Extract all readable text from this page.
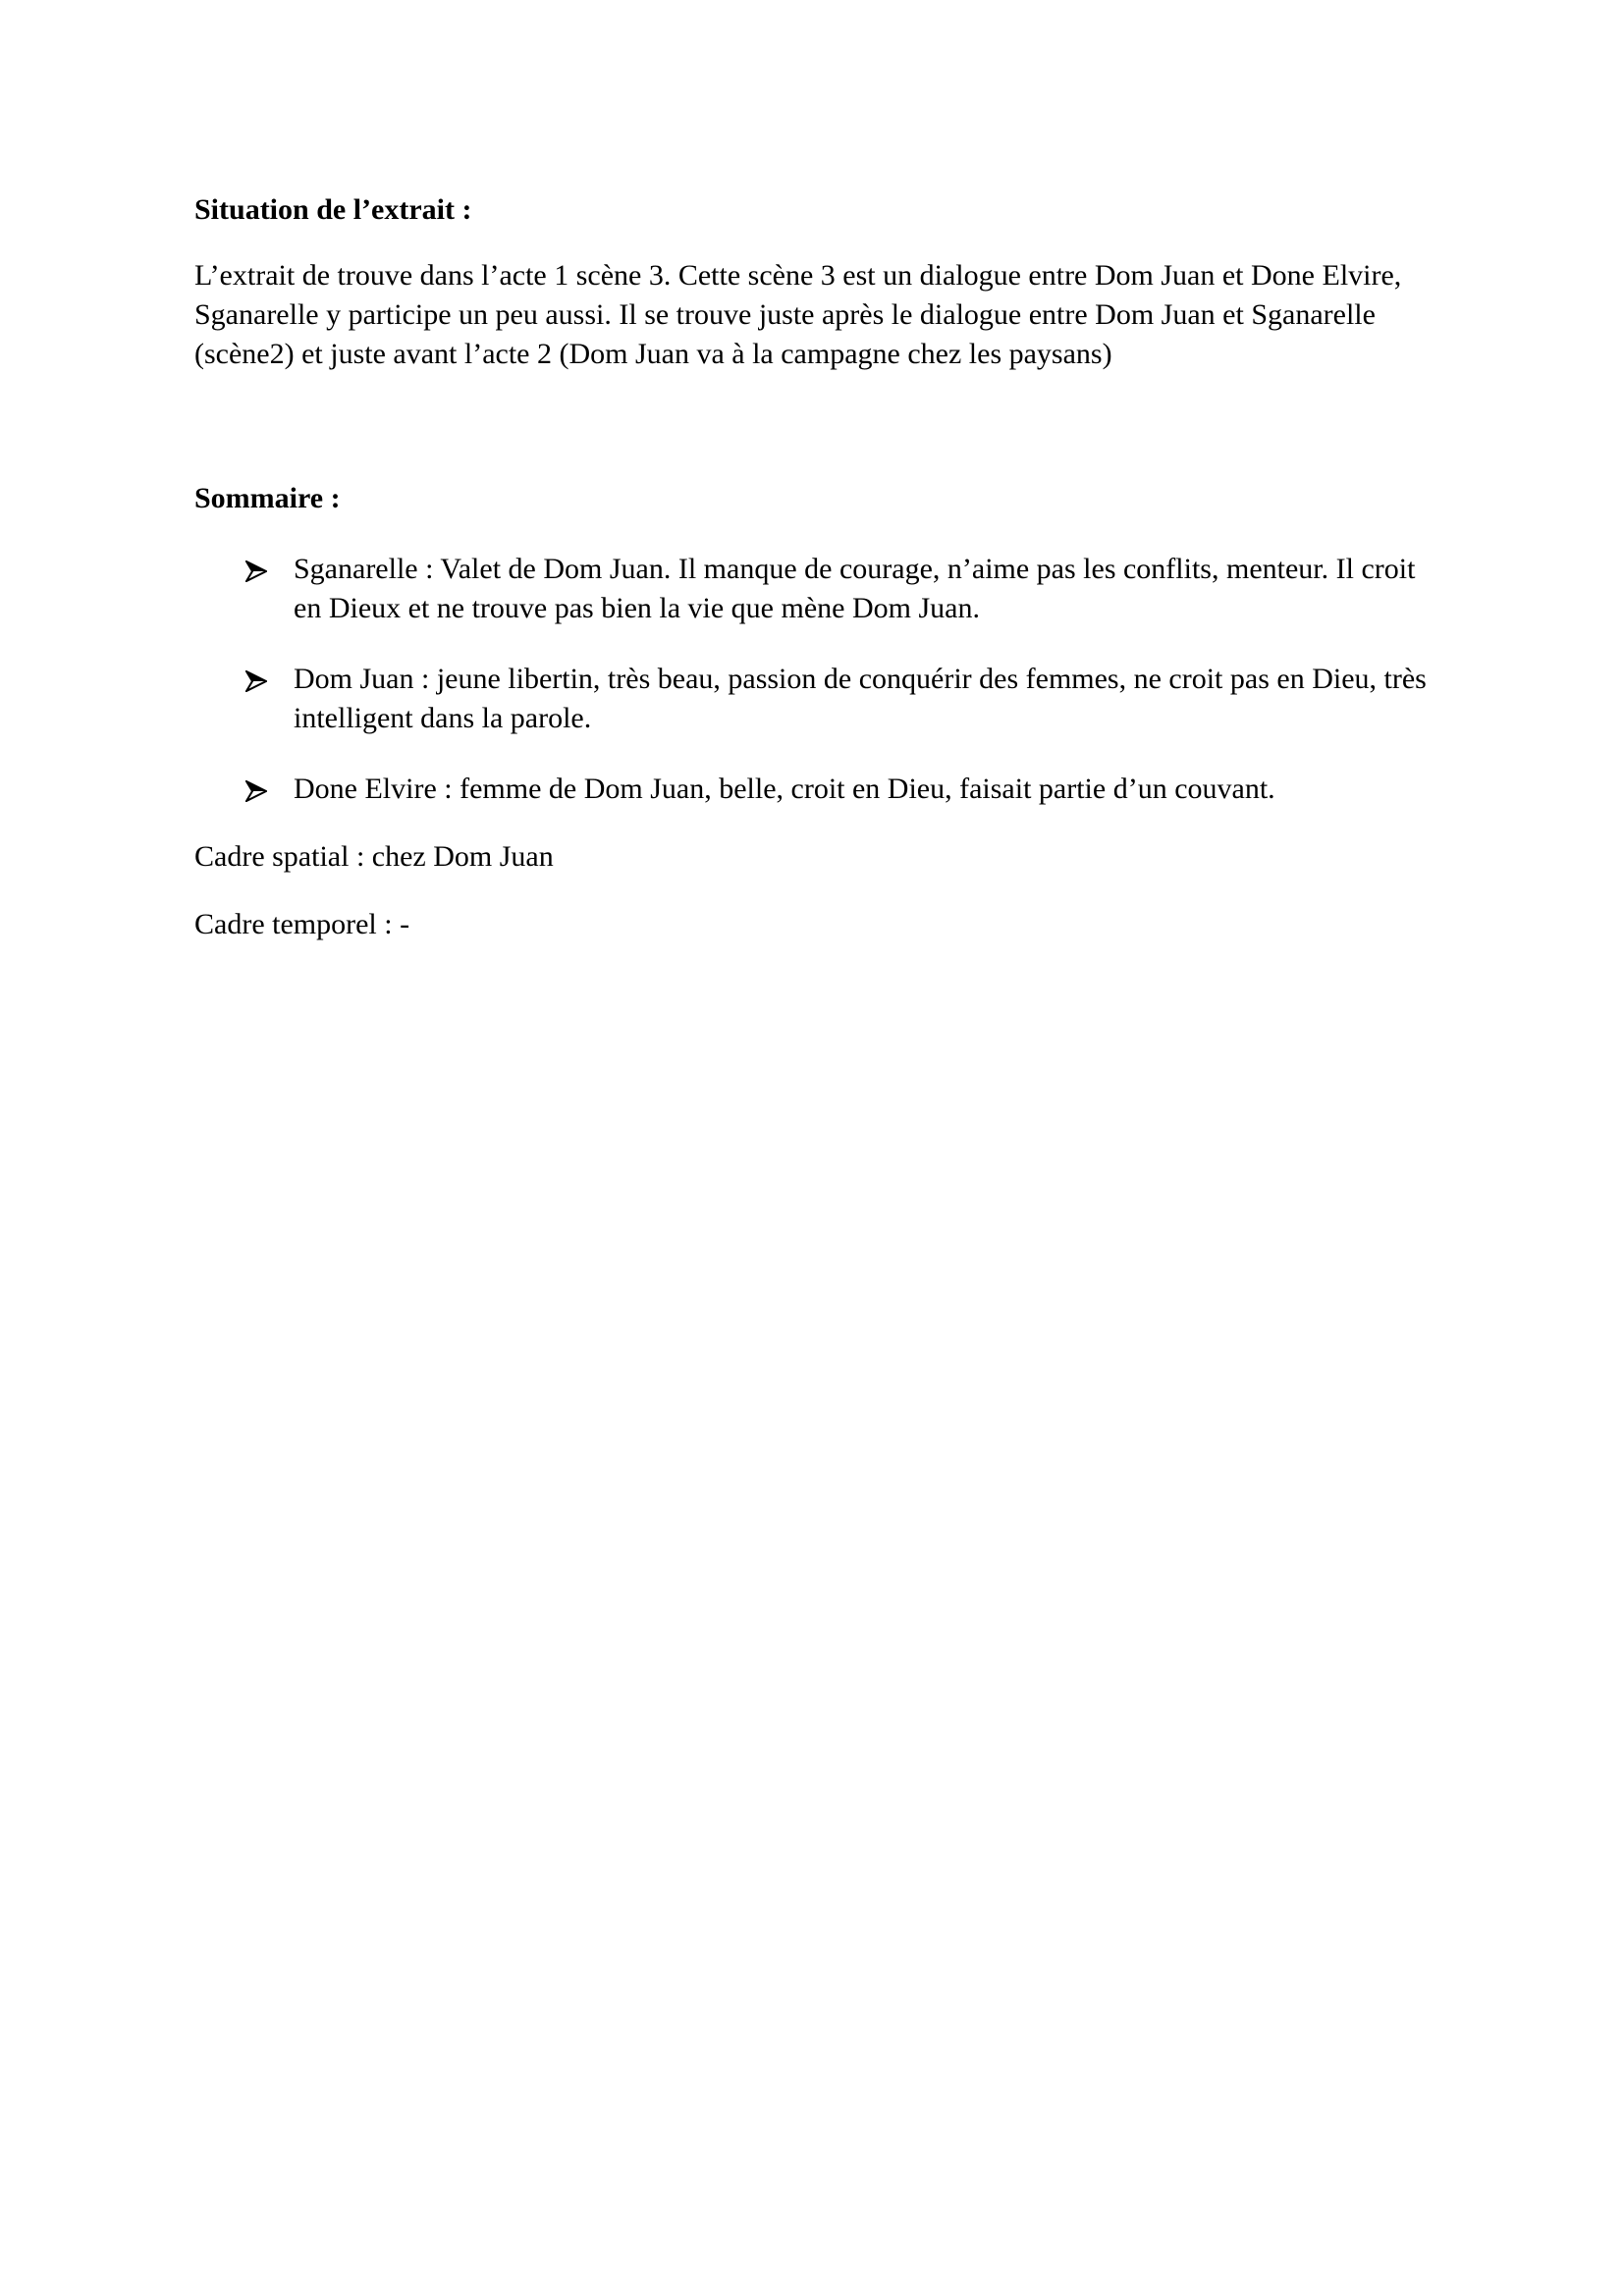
Situation de l’extrait :

L’extrait de trouve dans l’acte 1 scène 3. Cette scène 3 est un dialogue entre Dom Juan et Done Elvire, Sganarelle y participe un peu aussi. Il se trouve juste après le dialogue entre Dom Juan et Sganarelle (scène2) et juste avant l’acte 2 (Dom Juan va à la campagne chez les paysans)

Sommaire :

Sganarelle : Valet de Dom Juan. Il manque de courage, n’aime pas les conflits, menteur. Il croit en Dieux et ne trouve pas bien la vie que mène Dom Juan.
Dom Juan : jeune libertin, très beau, passion de conquérir des femmes, ne croit pas en Dieu, très intelligent dans la parole.
Done Elvire : femme de Dom Juan, belle, croit en Dieu, faisait partie d’un couvant.

Cadre spatial : chez Dom Juan

Cadre temporel : -
